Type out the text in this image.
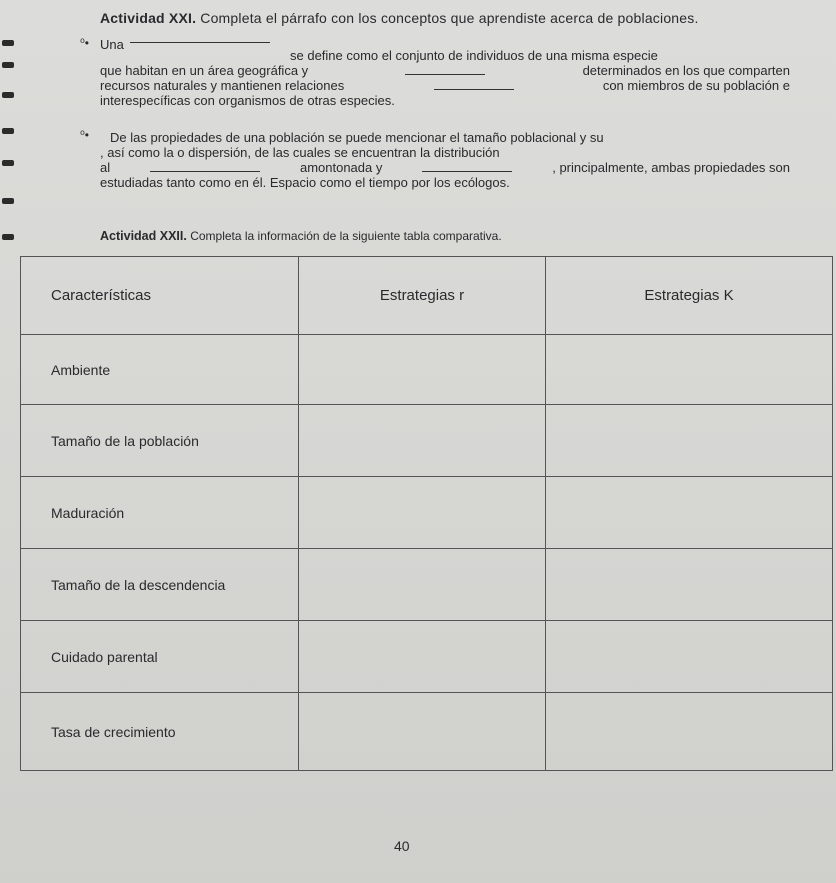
Actividad XXI. Completa el párrafo con los conceptos que aprendiste acerca de poblaciones.
⁰• Una
se define como el conjunto de individuos de una misma especie
que habitan en un área geográfica y	determinados en los que comparten
recursos naturales y mantienen relaciones	con miembros de su población e
interespecíficas con organismos de otras especies.
⁰• De las propiedades de una población se puede mencionar el tamaño poblacional y su
, así como la o dispersión, de las cuales se encuentran la distribución
al	amontonada y	, principalmente, ambas propiedades son
estudiadas tanto como en él. Espacio como el tiempo por los ecólogos.
Actividad XXII. Completa la información de la siguiente tabla comparativa.
Características	Estrategias r	Estrategias K
Ambiente		
Tamaño de la población		
Maduración		
Tamaño de la descendencia		
Cuidado parental		
Tasa de crecimiento		
40
